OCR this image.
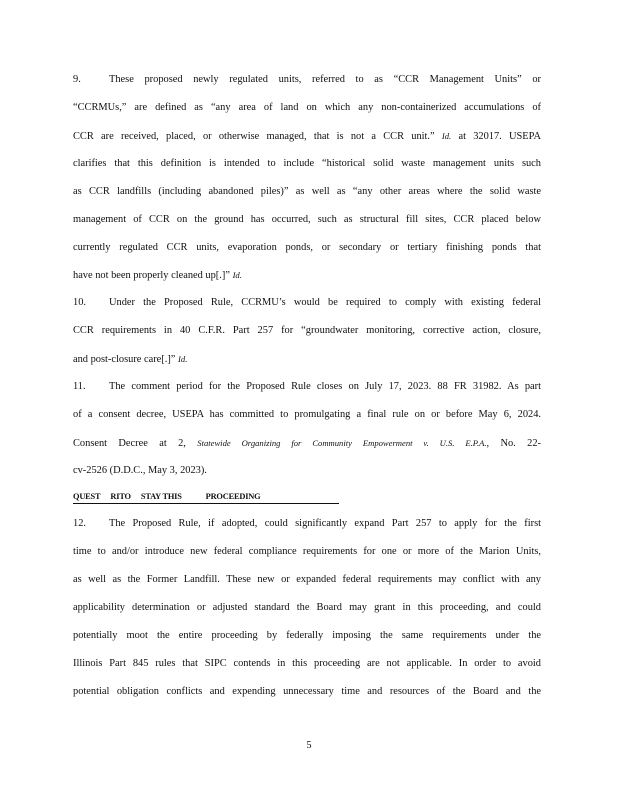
9.	These proposed newly regulated units, referred to as “CCR Management Units” or
“CCRMUs,” are defined as “any area of land on which any non-containerized accumulations of
CCR are received, placed, or otherwise managed, that is not a CCR unit.” Id. at 32017. USEPA
clarifies that this definition is intended to include “historical solid waste management units such
as CCR landfills (including abandoned piles)” as well as “any other areas where the solid waste
management of CCR on the ground has occurred, such as structural fill sites, CCR placed below
currently regulated CCR units, evaporation ponds, or secondary or tertiary finishing ponds that
have not been properly cleaned up[.]” Id.
10. Under the Proposed Rule, CCRMU’s would be required to comply with existing federal
CCR requirements in 40 C.F.R. Part 257 for “groundwater monitoring, corrective action, closure,
and post-closure care[.]” Id.
11. The comment period for the Proposed Rule closes on July 17, 2023. 88 FR 31982. As part
of a consent decree, USEPA has committed to promulgating a final rule on or before May 6, 2024.
Consent Decree at 2, Statewide Organizing for Community Empowerment v. U.S. E.P.A., No. 22-
cv-2526 (D.D.C., May 3, 2023).
QUEST RITO STAY THIS	PROCEEDING
12. The Proposed Rule, if adopted, could significantly expand Part 257 to apply for the first
time to and/or introduce new federal compliance requirements for one or more of the Marion Units,
as well as the Former Landfill. These new or expanded federal requirements may conflict with any
applicability determination or adjusted standard the Board may grant in this proceeding, and could
potentially moot the entire proceeding by federally imposing the same requirements under the
Illinois Part 845 rules that SIPC contends in this proceeding are not applicable. In order to avoid
potential obligation conflicts and expending unnecessary time and resources of the Board and the
5
